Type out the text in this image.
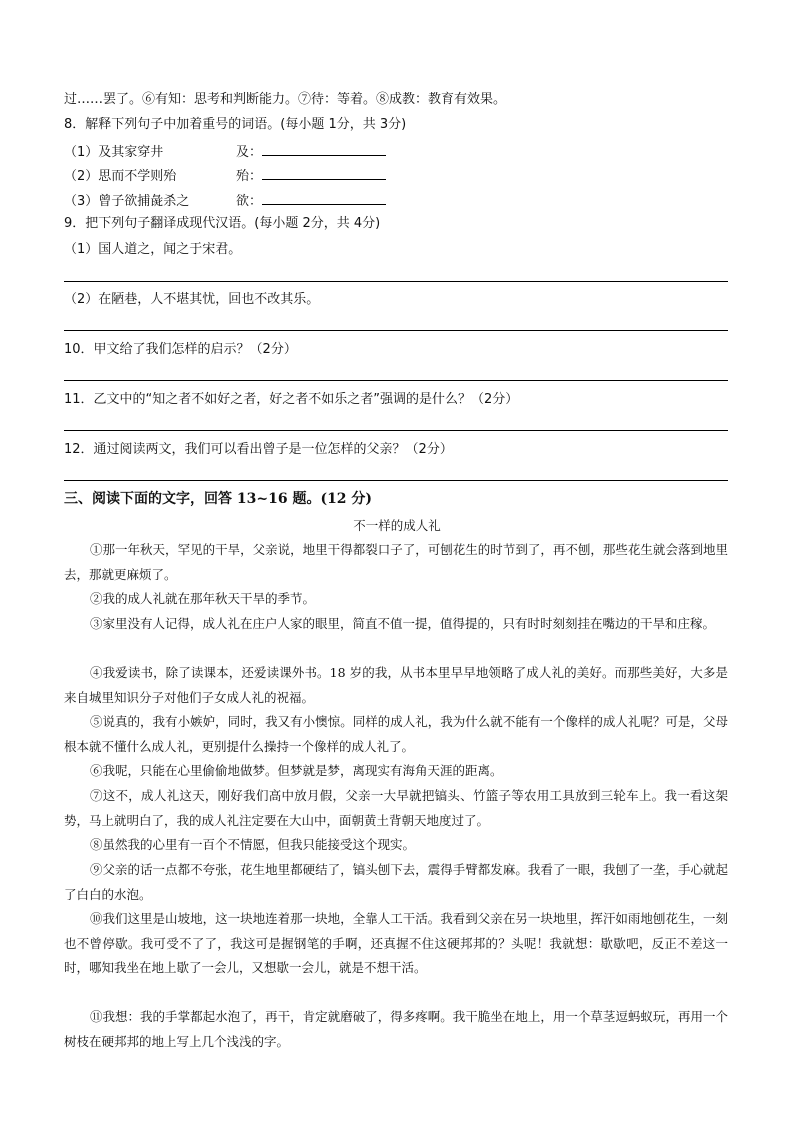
过……罢了。⑥有知：思考和判断能力。⑦待：等着。⑧成教：教育有效果。
8．解释下列句子中加着重号的词语。(每小题 1分，共 3分)
（1）及其家穿井	及：
（2）思而不学则殆	殆：
（3）曾子欲捕彘杀之	欲：
9．把下列句子翻译成现代汉语。(每小题 2分，共 4分)
（1）国人道之，闻之于宋君。
（2）在陋巷，人不堪其忧，回也不改其乐。
10．甲文给了我们怎样的启示？（2分）
11．乙文中的“知之者不如好之者，好之者不如乐之者”强调的是什么？（2分）
12．通过阅读两文，我们可以看出曾子是一位怎样的父亲？（2分）
三、阅读下面的文字，回答 13~16 题。(12 分)
不一样的成人礼
①那一年秋天，罕见的干旱，父亲说，地里干得都裂口子了，可刨花生的时节到了，再不刨，那些花生就会落到地里去，那就更麻烦了。
②我的成人礼就在那年秋天干旱的季节。
③家里没有人记得，成人礼在庄户人家的眼里，简直不值一提，值得提的，只有时时刻刻挂在嘴边的干旱和庄稼。
④我爱读书，除了读课本，还爱读课外书。18 岁的我，从书本里早早地领略了成人礼的美好。而那些美好，大多是来自城里知识分子对他们子女成人礼的祝福。
⑤说真的，我有小嫉妒，同时，我又有小懊惊。同样的成人礼，我为什么就不能有一个像样的成人礼呢？可是，父母根本就不懂什么成人礼，更别提什么操持一个像样的成人礼了。
⑥我呢，只能在心里偷偷地做梦。但梦就是梦，离现实有海角天涯的距离。
⑦这不，成人礼这天，刚好我们高中放月假，父亲一大早就把镐头、竹篮子等农用工具放到三轮车上。我一看这架势，马上就明白了，我的成人礼注定要在大山中，面朝黄土背朝天地度过了。
⑧虽然我的心里有一百个不情愿，但我只能接受这个现实。
⑨父亲的话一点都不夸张，花生地里都硬结了，镐头刨下去，震得手臂都发麻。我看了一眼，我刨了一垄，手心就起了白白的水泡。
⑩我们这里是山坡地，这一块地连着那一块地，全靠人工干活。我看到父亲在另一块地里，挥汗如雨地刨花生，一刻也不曾停歇。我可受不了了，我这可是握钢笔的手啊，还真握不住这硬邦邦的？头呢！我就想：歇歇吧，反正不差这一时，哪知我坐在地上歇了一会儿，又想歇一会儿，就是不想干活。
⑪我想：我的手掌都起水泡了，再干，肯定就磨破了，得多疼啊。我干脆坐在地上，用一个草茎逗蚂蚁玩，再用一个树枝在硬邦邦的地上写上几个浅浅的字。
